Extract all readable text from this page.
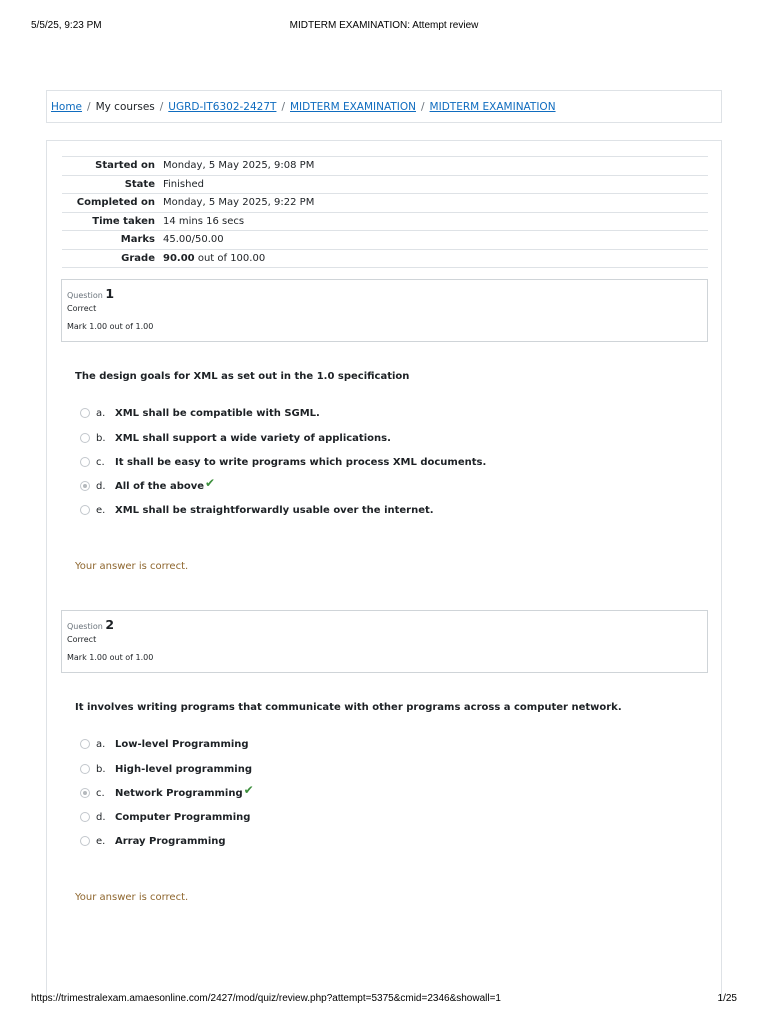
5/5/25, 9:23 PM	MIDTERM EXAMINATION: Attempt review
Home / My courses / UGRD-IT6302-2427T / MIDTERM EXAMINATION / MIDTERM EXAMINATION
Started on	Monday, 5 May 2025, 9:08 PM
State	Finished
Completed on	Monday, 5 May 2025, 9:22 PM
Time taken	14 mins 16 secs
Marks	45.00/50.00
Grade	90.00 out of 100.00
Question 1
Correct
Mark 1.00 out of 1.00
The design goals for XML as set out in the 1.0 specification
a. XML shall be compatible with SGML.
b. XML shall support a wide variety of applications.
c.	It shall be easy to write programs which process XML documents.
d. All of the above ✔
e. XML shall be straightforwardly usable over the internet.
Your answer is correct.
Question 2
Correct
Mark 1.00 out of 1.00
It involves writing programs that communicate with other programs across a computer network.
a. Low-level Programming
b. High-level programming
c.	Network Programming ✔
d. Computer Programming
e. Array Programming
Your answer is correct.
https://trimestralexam.amaesonline.com/2427/mod/quiz/review.php?attempt=5375&cmid=2346&showall=1	1/25
